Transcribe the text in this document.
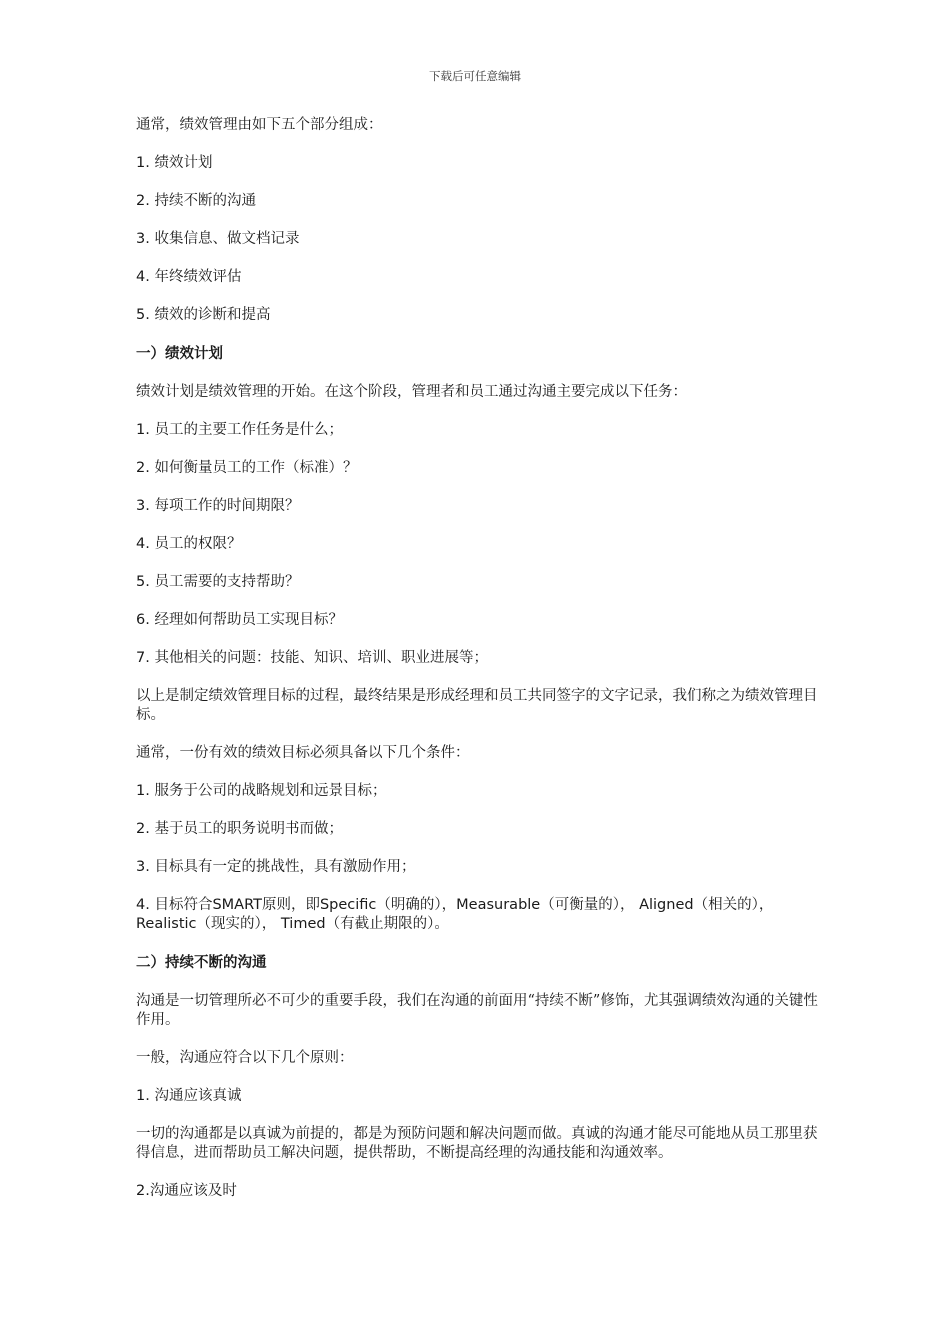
下载后可任意编辑
通常，绩效管理由如下五个部分组成：
1. 绩效计划
2. 持续不断的沟通
3. 收集信息、做文档记录
4. 年终绩效评估
5. 绩效的诊断和提高
一）绩效计划
绩效计划是绩效管理的开始。在这个阶段，管理者和员工通过沟通主要完成以下任务：
1. 员工的主要工作任务是什么；
2. 如何衡量员工的工作（标准）？
3. 每项工作的时间期限？
4. 员工的权限？
5. 员工需要的支持帮助？
6. 经理如何帮助员工实现目标？
7. 其他相关的问题：技能、知识、培训、职业进展等；
以上是制定绩效管理目标的过程，最终结果是形成经理和员工共同签字的文字记录，我们称之为绩效管理目标。
通常，一份有效的绩效目标必须具备以下几个条件：
1. 服务于公司的战略规划和远景目标；
2. 基于员工的职务说明书而做；
3. 目标具有一定的挑战性，具有激励作用；
4. 目标符合SMART原则，即Specific（明确的），Measurable（可衡量的）， Aligned（相关的）， Realistic（现实的）， Timed（有截止期限的）。
二）持续不断的沟通
沟通是一切管理所必不可少的重要手段，我们在沟通的前面用“持续不断”修饰，尤其强调绩效沟通的关键性作用。
一般，沟通应符合以下几个原则：
1. 沟通应该真诚
一切的沟通都是以真诚为前提的，都是为预防问题和解决问题而做。真诚的沟通才能尽可能地从员工那里获得信息，进而帮助员工解决问题，提供帮助，不断提高经理的沟通技能和沟通效率。
2.沟通应该及时
